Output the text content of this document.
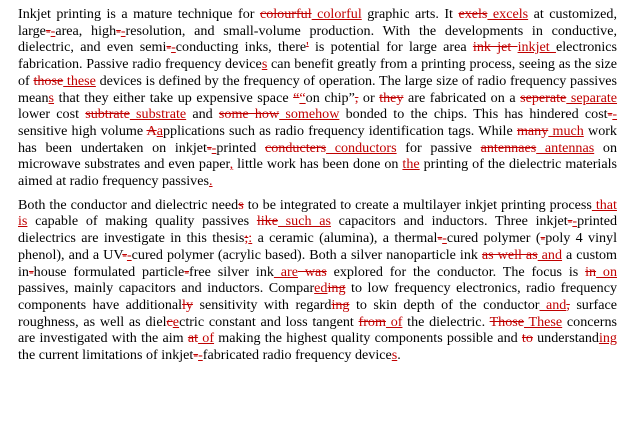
Inkjet printing is a mature technique for colourful colorful graphic arts. It exels excels at customized, large--area, high--resolution, and small-volume production. With the developments in conductive, dielectric, and even semi--conducting inks, there' is potential for large area ink jet inkjet electronics fabrication. Passive radio frequency devices can benefit greatly from a printing process, seeing as the size of those these devices is defined by the frequency of operation. The large size of radio frequency passives means that they either take up expensive space ““on chip”, or they are fabricated on a seperate separate lower cost subtrate substrate and some how somehow bonded to the chips. This has hindered cost--sensitive high volume Aapplications such as radio frequency identification tags. While many much work has been undertaken on inkjet--printed conducters conductors for passive antennaes antennas on microwave substrates and even paper, little work has been done on the printing of the dielectric materials aimed at radio frequency passives.

Both the conductor and dielectric needs to be integrated to create a multilayer inkjet printing process that is capable of making quality passives like such as capacitors and inductors. Three inkjet--printed dielectrics are investigate in this thesis;: a ceramic (alumina), a thermal--cured polymer (-poly 4 vinyl phenol), and a UV--cured polymer (acrylic based). Both a silver nanoparticle ink as well as and a custom in-house formulated particle-free silver ink are was explored for the conductor. The focus is in on passives, mainly capacitors and inductors. Compareding to low frequency electronics, radio frequency components have additionally sensitivity with regarding to skin depth of the conductor and, surface roughness, as well as dielcectric constant and loss tangent from of the dielectric. Those These concerns are investigated with the aim at of making the highest quality components possible and to understanding the current limitations of inkjet--fabricated radio frequency devices.
